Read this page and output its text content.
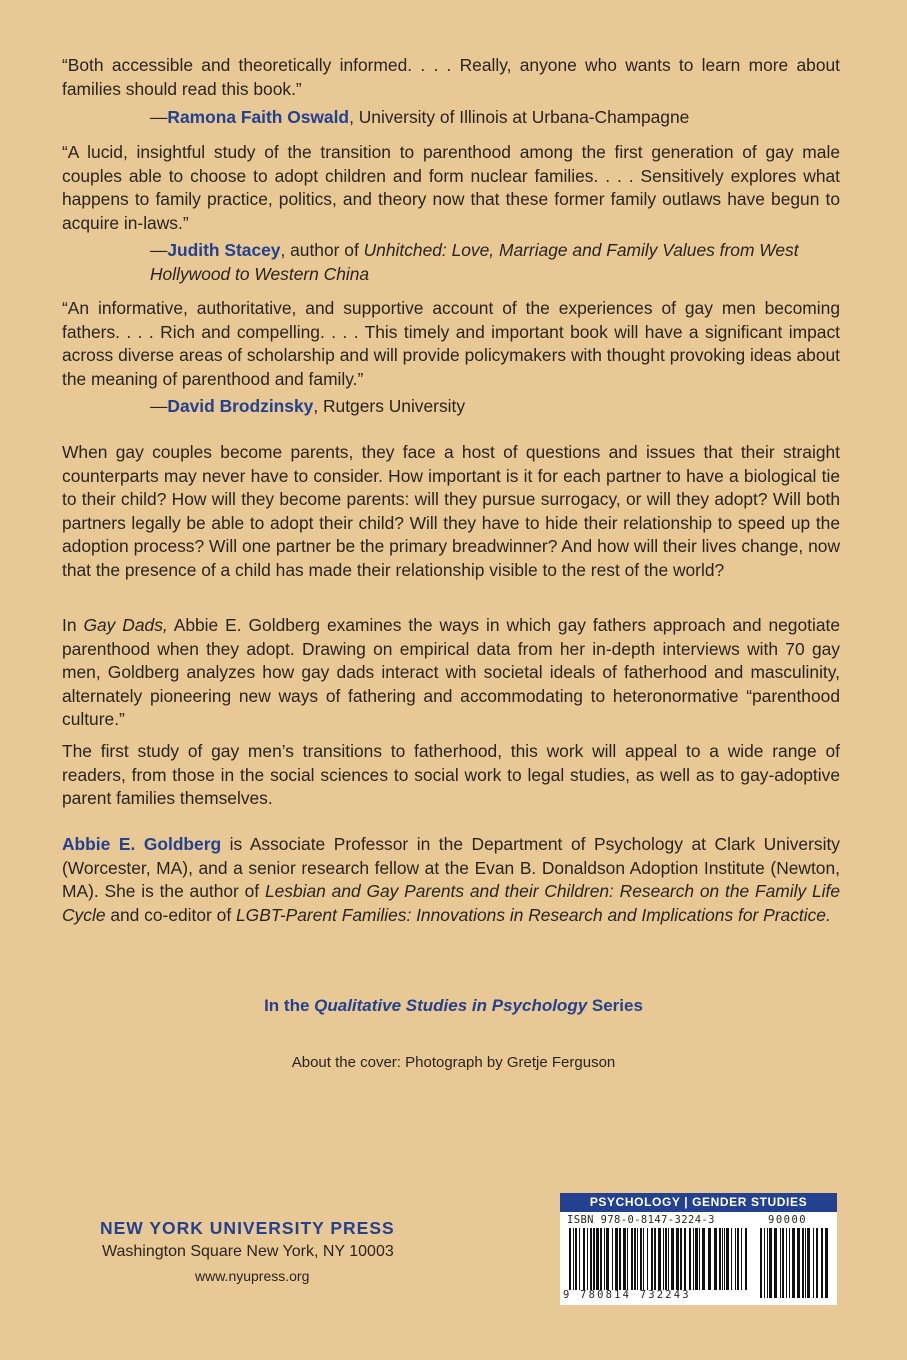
“Both accessible and theoretically informed. . . . Really, anyone who wants to learn more about families should read this book.”
—Ramona Faith Oswald, University of Illinois at Urbana-Champagne
“A lucid, insightful study of the transition to parenthood among the first generation of gay male couples able to choose to adopt children and form nuclear families. . . . Sensitively explores what happens to family practice, politics, and theory now that these former family outlaws have begun to acquire in-laws.”
—Judith Stacey, author of Unhitched: Love, Marriage and Family Values from West Hollywood to Western China
“An informative, authoritative, and supportive account of the experiences of gay men becoming fathers. . . . Rich and compelling. . . . This timely and important book will have a significant impact across diverse areas of scholarship and will provide policymakers with thought provoking ideas about the meaning of parenthood and family.”
—David Brodzinsky, Rutgers University
When gay couples become parents, they face a host of questions and issues that their straight counterparts may never have to consider. How important is it for each partner to have a biological tie to their child? How will they become parents: will they pursue surrogacy, or will they adopt? Will both partners legally be able to adopt their child? Will they have to hide their relationship to speed up the adoption process? Will one partner be the primary breadwinner? And how will their lives change, now that the presence of a child has made their relationship visible to the rest of the world?
In Gay Dads, Abbie E. Goldberg examines the ways in which gay fathers approach and negotiate parenthood when they adopt. Drawing on empirical data from her in-depth interviews with 70 gay men, Goldberg analyzes how gay dads interact with societal ideals of fatherhood and masculinity, alternately pioneering new ways of fathering and accommodating to heteronormative “parenthood culture.”
The first study of gay men’s transitions to fatherhood, this work will appeal to a wide range of readers, from those in the social sciences to social work to legal studies, as well as to gay-adoptive parent families themselves.
Abbie E. Goldberg is Associate Professor in the Department of Psychology at Clark University (Worcester, MA), and a senior research fellow at the Evan B. Donaldson Adoption Institute (Newton, MA). She is the author of Lesbian and Gay Parents and their Children: Research on the Family Life Cycle and co-editor of LGBT-Parent Families: Innovations in Research and Implications for Practice.
In the Qualitative Studies in Psychology Series
About the cover: Photograph by Gretje Ferguson
NEW YORK UNIVERSITY PRESS
Washington Square New York, NY 10003
www.nyupress.org
PSYCHOLOGY | GENDER STUDIES
ISBN 978-0-8147-3224-3	90000
9 780814 732243
